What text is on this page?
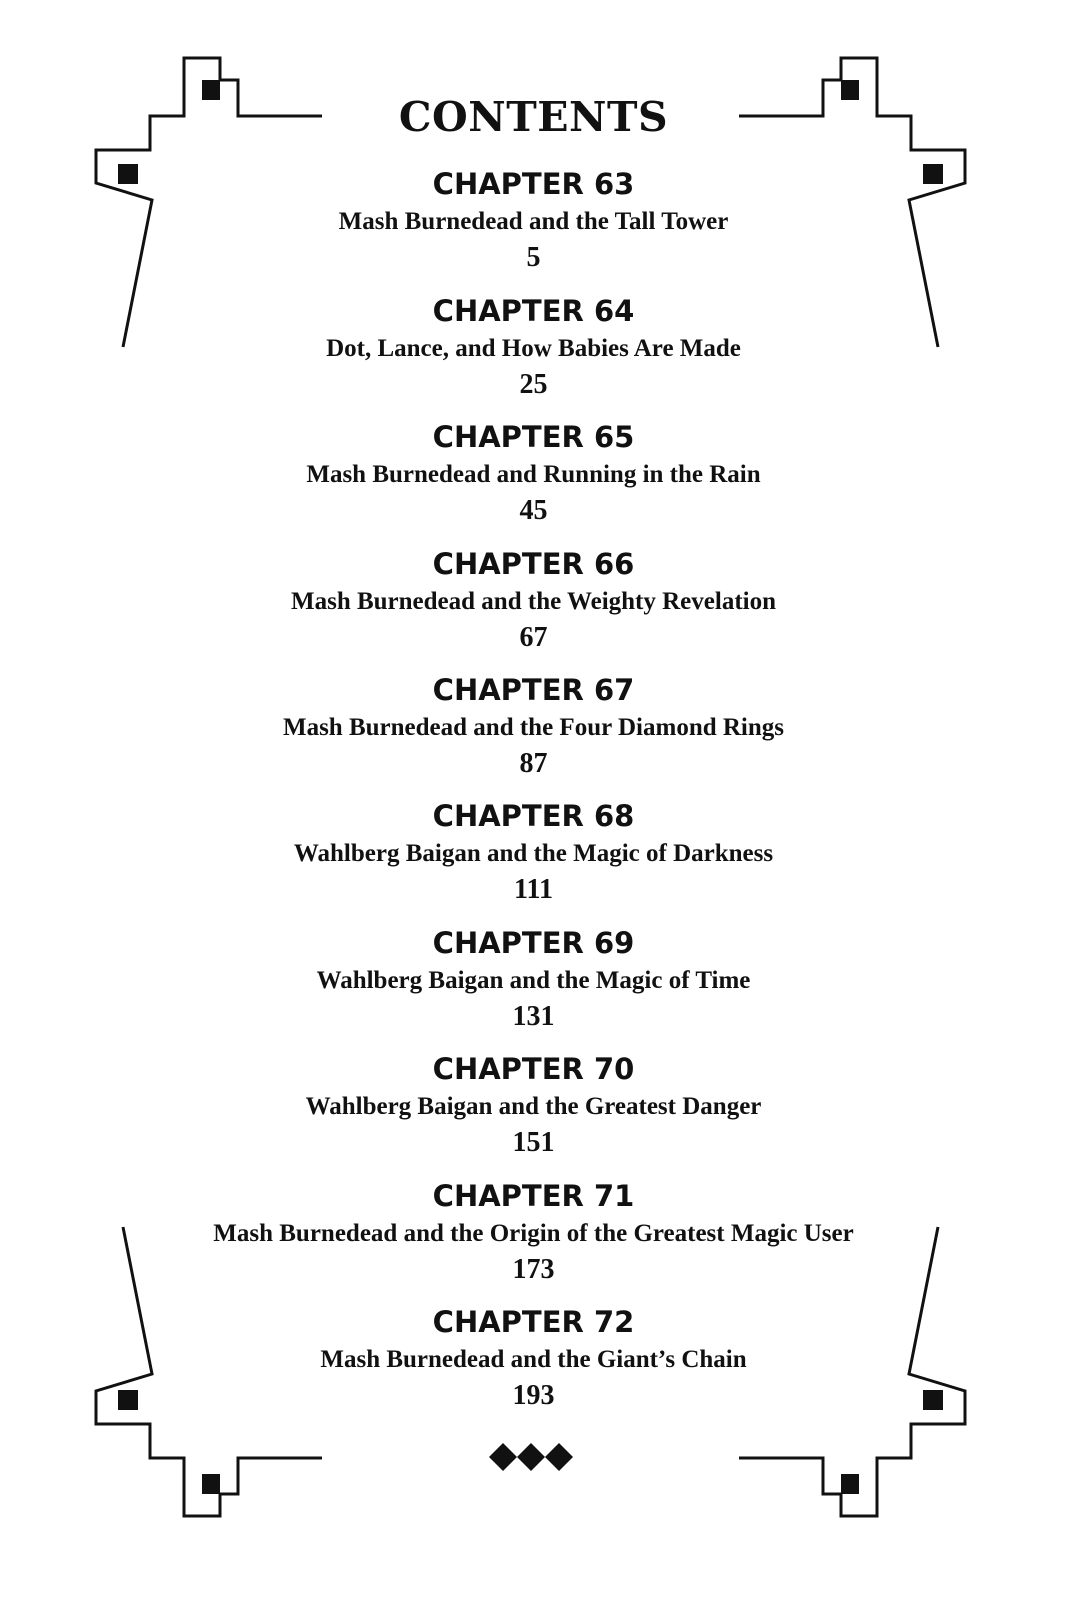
CONTENTS
CHAPTER 63
Mash Burnedead and the Tall Tower
5
CHAPTER 64
Dot, Lance, and How Babies Are Made
25
CHAPTER 65
Mash Burnedead and Running in the Rain
45
CHAPTER 66
Mash Burnedead and the Weighty Revelation
67
CHAPTER 67
Mash Burnedead and the Four Diamond Rings
87
CHAPTER 68
Wahlberg Baigan and the Magic of Darkness
111
CHAPTER 69
Wahlberg Baigan and the Magic of Time
131
CHAPTER 70
Wahlberg Baigan and the Greatest Danger
151
CHAPTER 71
Mash Burnedead and the Origin of the Greatest Magic User
173
CHAPTER 72
Mash Burnedead and the Giant’s Chain
193
